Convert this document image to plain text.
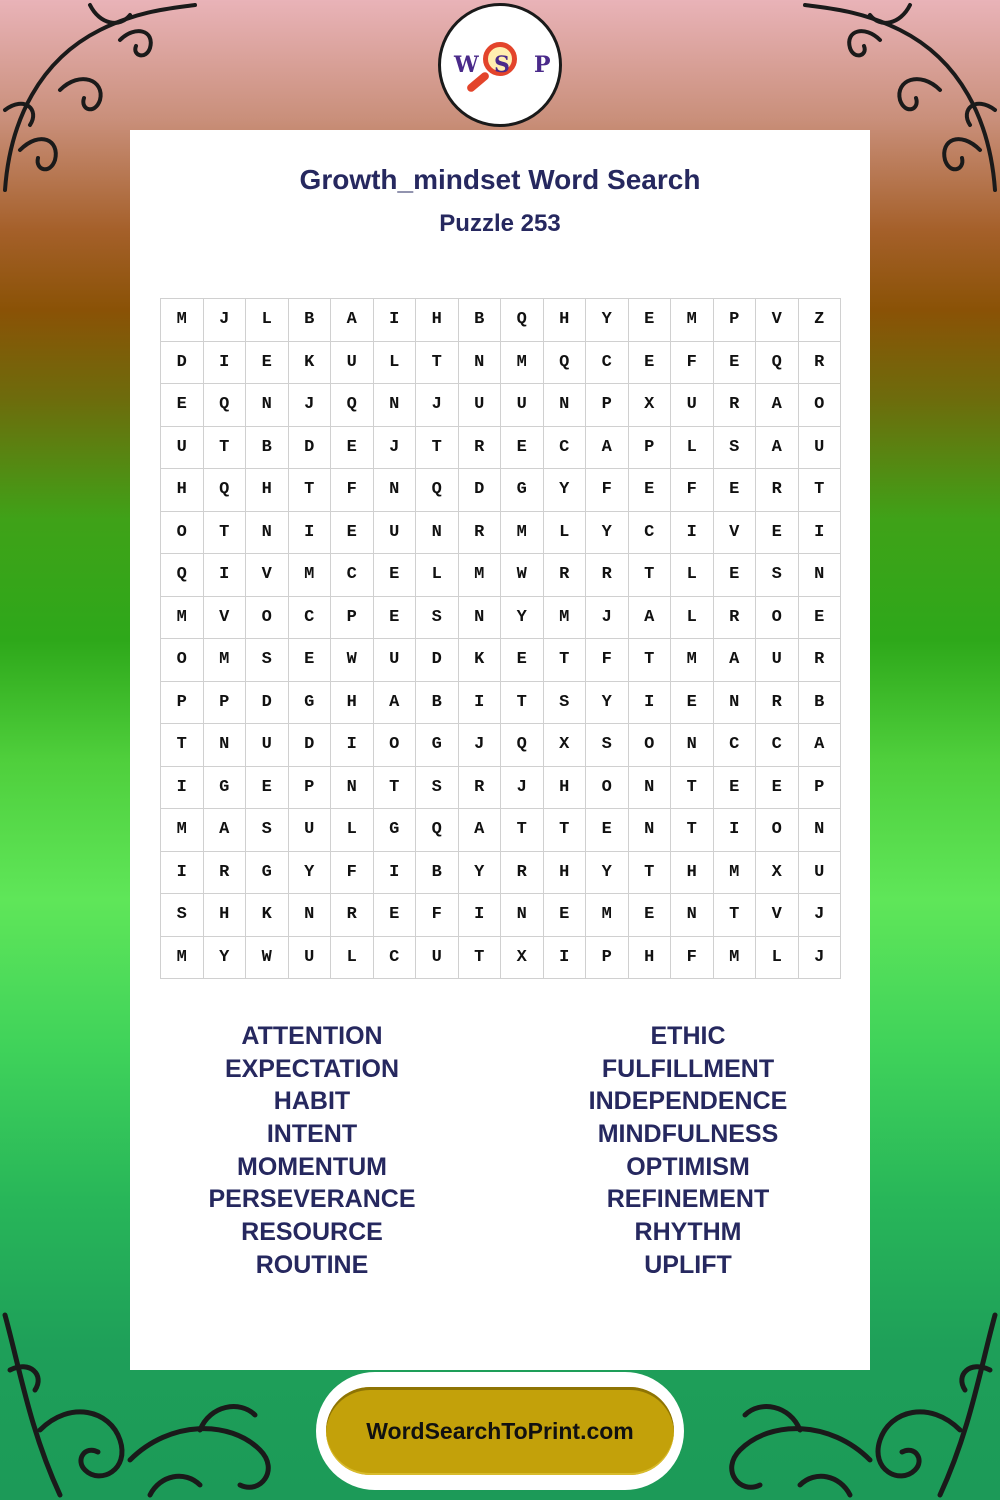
W S P
Growth_mindset Word Search
Puzzle 253
M	J	L	B	A	I	H	B	Q	H	Y	E	M	P	V	Z
D	I	E	K	U	L	T	N	M	Q	C	E	F	E	Q	R
E	Q	N	J	Q	N	J	U	U	N	P	X	U	R	A	O
U	T	B	D	E	J	T	R	E	C	A	P	L	S	A	U
H	Q	H	T	F	N	Q	D	G	Y	F	E	F	E	R	T
O	T	N	I	E	U	N	R	M	L	Y	C	I	V	E	I
Q	I	V	M	C	E	L	M	W	R	R	T	L	E	S	N
M	V	O	C	P	E	S	N	Y	M	J	A	L	R	O	E
O	M	S	E	W	U	D	K	E	T	F	T	M	A	U	R
P	P	D	G	H	A	B	I	T	S	Y	I	E	N	R	B
T	N	U	D	I	O	G	J	Q	X	S	O	N	C	C	A
I	G	E	P	N	T	S	R	J	H	O	N	T	E	E	P
M	A	S	U	L	G	Q	A	T	T	E	N	T	I	O	N
I	R	G	Y	F	I	B	Y	R	H	Y	T	H	M	X	U
S	H	K	N	R	E	F	I	N	E	M	E	N	T	V	J
M	Y	W	U	L	C	U	T	X	I	P	H	F	M	L	J
ATTENTION
EXPECTATION
HABIT
INTENT
MOMENTUM
PERSEVERANCE
RESOURCE
ROUTINE
ETHIC
FULFILLMENT
INDEPENDENCE
MINDFULNESS
OPTIMISM
REFINEMENT
RHYTHM
UPLIFT
WordSearchToPrint.com
